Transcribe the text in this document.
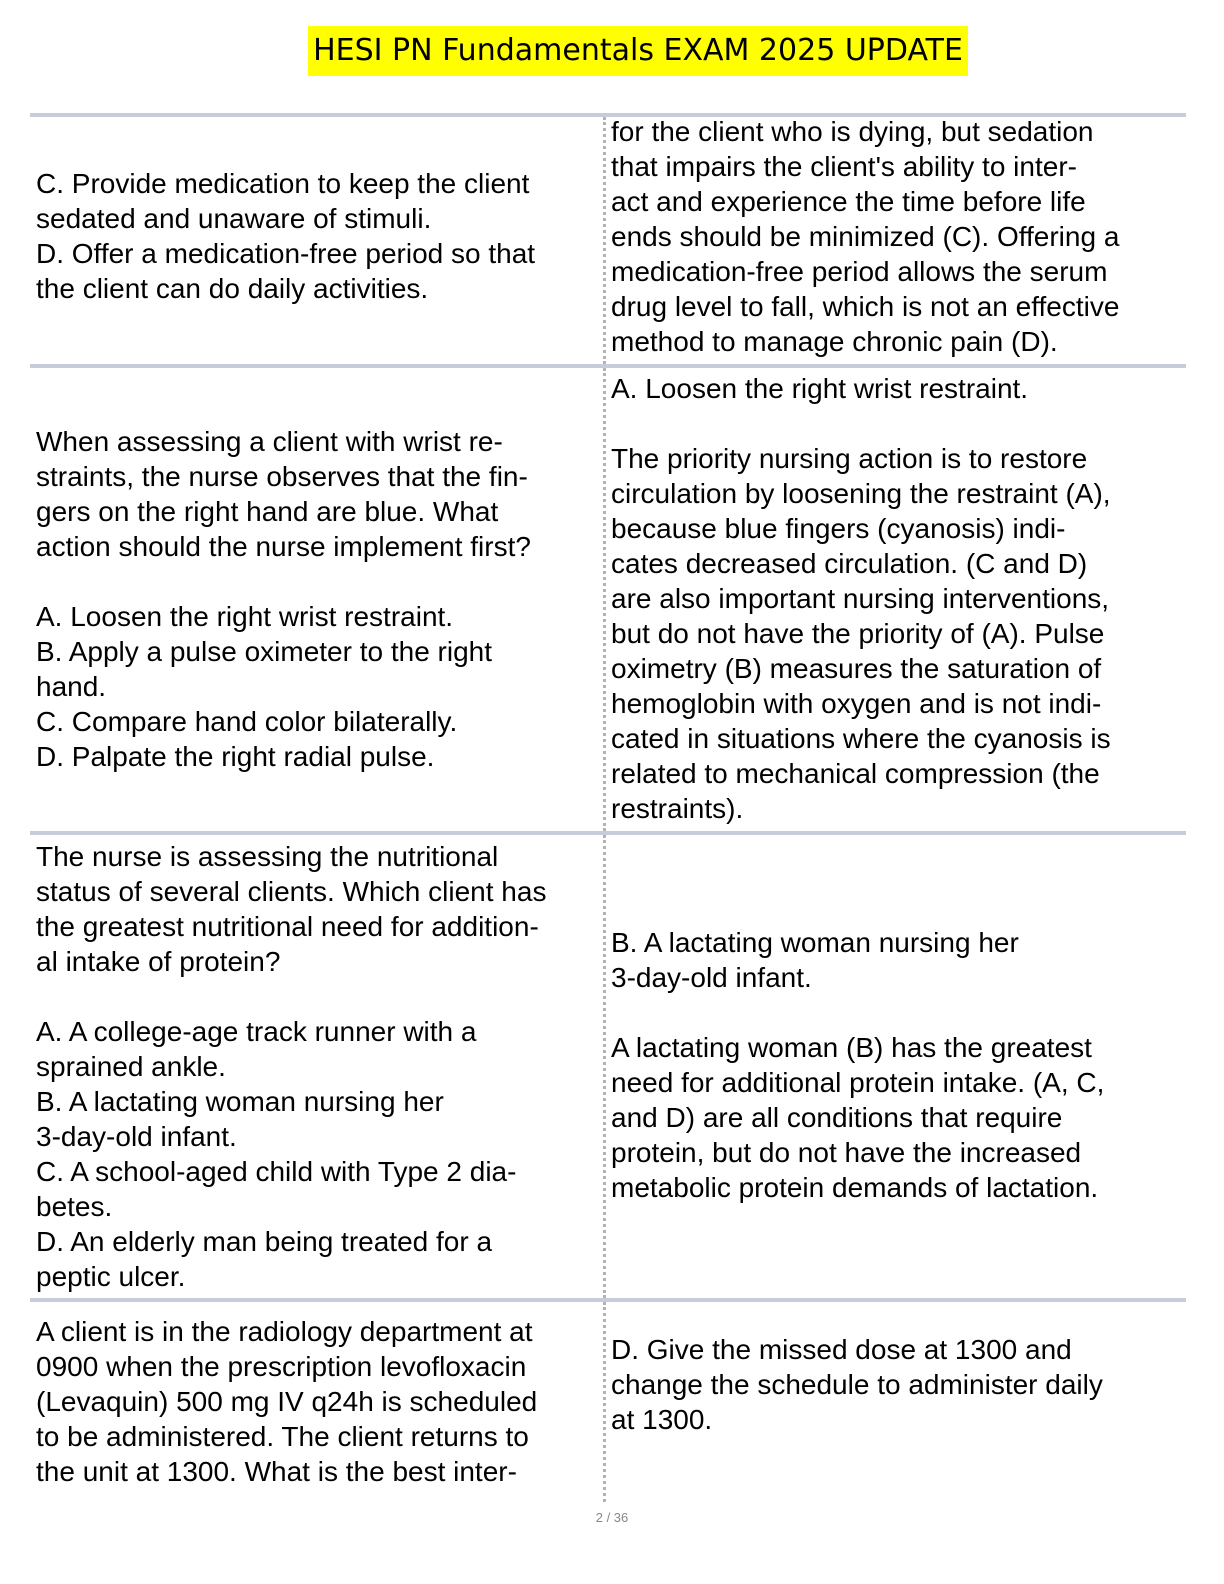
HESI PN Fundamentals EXAM 2025 UPDATE
C. Provide medication to keep the client
sedated and unaware of stimuli.
D. Offer a medication-free period so that
the client can do daily activities.
for the client who is dying, but sedation
that impairs the client's ability to inter-
act and experience the time before life
ends should be minimized (C). Offering a
medication-free period allows the serum
drug level to fall, which is not an effective
method to manage chronic pain (D).
When assessing a client with wrist re-
straints, the nurse observes that the fin-
gers on the right hand are blue. What
action should the nurse implement first?

A. Loosen the right wrist restraint.
B. Apply a pulse oximeter to the right
hand.
C. Compare hand color bilaterally.
D. Palpate the right radial pulse.
A. Loosen the right wrist restraint.

The priority nursing action is to restore
circulation by loosening the restraint (A),
because blue fingers (cyanosis) indi-
cates decreased circulation. (C and D)
are also important nursing interventions,
but do not have the priority of (A). Pulse
oximetry (B) measures the saturation of
hemoglobin with oxygen and is not indi-
cated in situations where the cyanosis is
related to mechanical compression (the
restraints).
The nurse is assessing the nutritional
status of several clients. Which client has
the greatest nutritional need for addition-
al intake of protein?

A. A college-age track runner with a
sprained ankle.
B. A lactating woman nursing her
3-day-old infant.
C. A school-aged child with Type 2 dia-
betes.
D. An elderly man being treated for a
peptic ulcer.
B. A lactating woman nursing her
3-day-old infant.

A lactating woman (B) has the greatest
need for additional protein intake. (A, C,
and D) are all conditions that require
protein, but do not have the increased
metabolic protein demands of lactation.
A client is in the radiology department at
0900 when the prescription levofloxacin
(Levaquin) 500 mg IV q24h is scheduled
to be administered. The client returns to
the unit at 1300. What is the best inter-
D. Give the missed dose at 1300 and
change the schedule to administer daily
at 1300.
2 / 36
